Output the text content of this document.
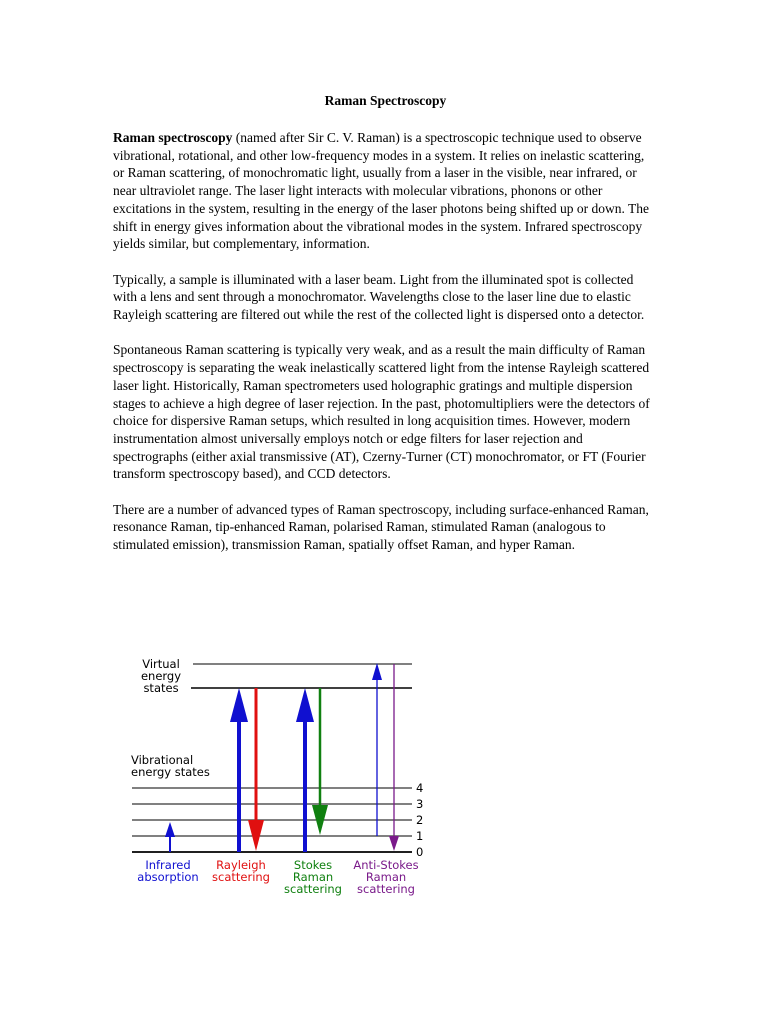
Raman Spectroscopy

Raman spectroscopy (named after Sir C. V. Raman) is a spectroscopic technique used to observe vibrational, rotational, and other low-frequency modes in a system. It relies on inelastic scattering, or Raman scattering, of monochromatic light, usually from a laser in the visible, near infrared, or near ultraviolet range. The laser light interacts with molecular vibrations, phonons or other excitations in the system, resulting in the energy of the laser photons being shifted up or down. The shift in energy gives information about the vibrational modes in the system. Infrared spectroscopy yields similar, but complementary, information.

Typically, a sample is illuminated with a laser beam. Light from the illuminated spot is collected with a lens and sent through a monochromator. Wavelengths close to the laser line due to elastic Rayleigh scattering are filtered out while the rest of the collected light is dispersed onto a detector.

Spontaneous Raman scattering is typically very weak, and as a result the main difficulty of Raman spectroscopy is separating the weak inelastically scattered light from the intense Rayleigh scattered laser light. Historically, Raman spectrometers used holographic gratings and multiple dispersion stages to achieve a high degree of laser rejection. In the past, photomultipliers were the detectors of choice for dispersive Raman setups, which resulted in long acquisition times. However, modern instrumentation almost universally employs notch or edge filters for laser rejection and spectrographs (either axial transmissive (AT), Czerny-Turner (CT) monochromator, or FT (Fourier transform spectroscopy based), and CCD detectors.

There are a number of advanced types of Raman spectroscopy, including surface-enhanced Raman, resonance Raman, tip-enhanced Raman, polarised Raman, stimulated Raman (analogous to stimulated emission), transmission Raman, spatially offset Raman, and hyper Raman.

Virtual
energy
states
Vibrational
energy states
4
3
2
1
0
Infrared
absorption
Rayleigh
scattering
Stokes
Raman
scattering
Anti-Stokes
Raman
scattering
